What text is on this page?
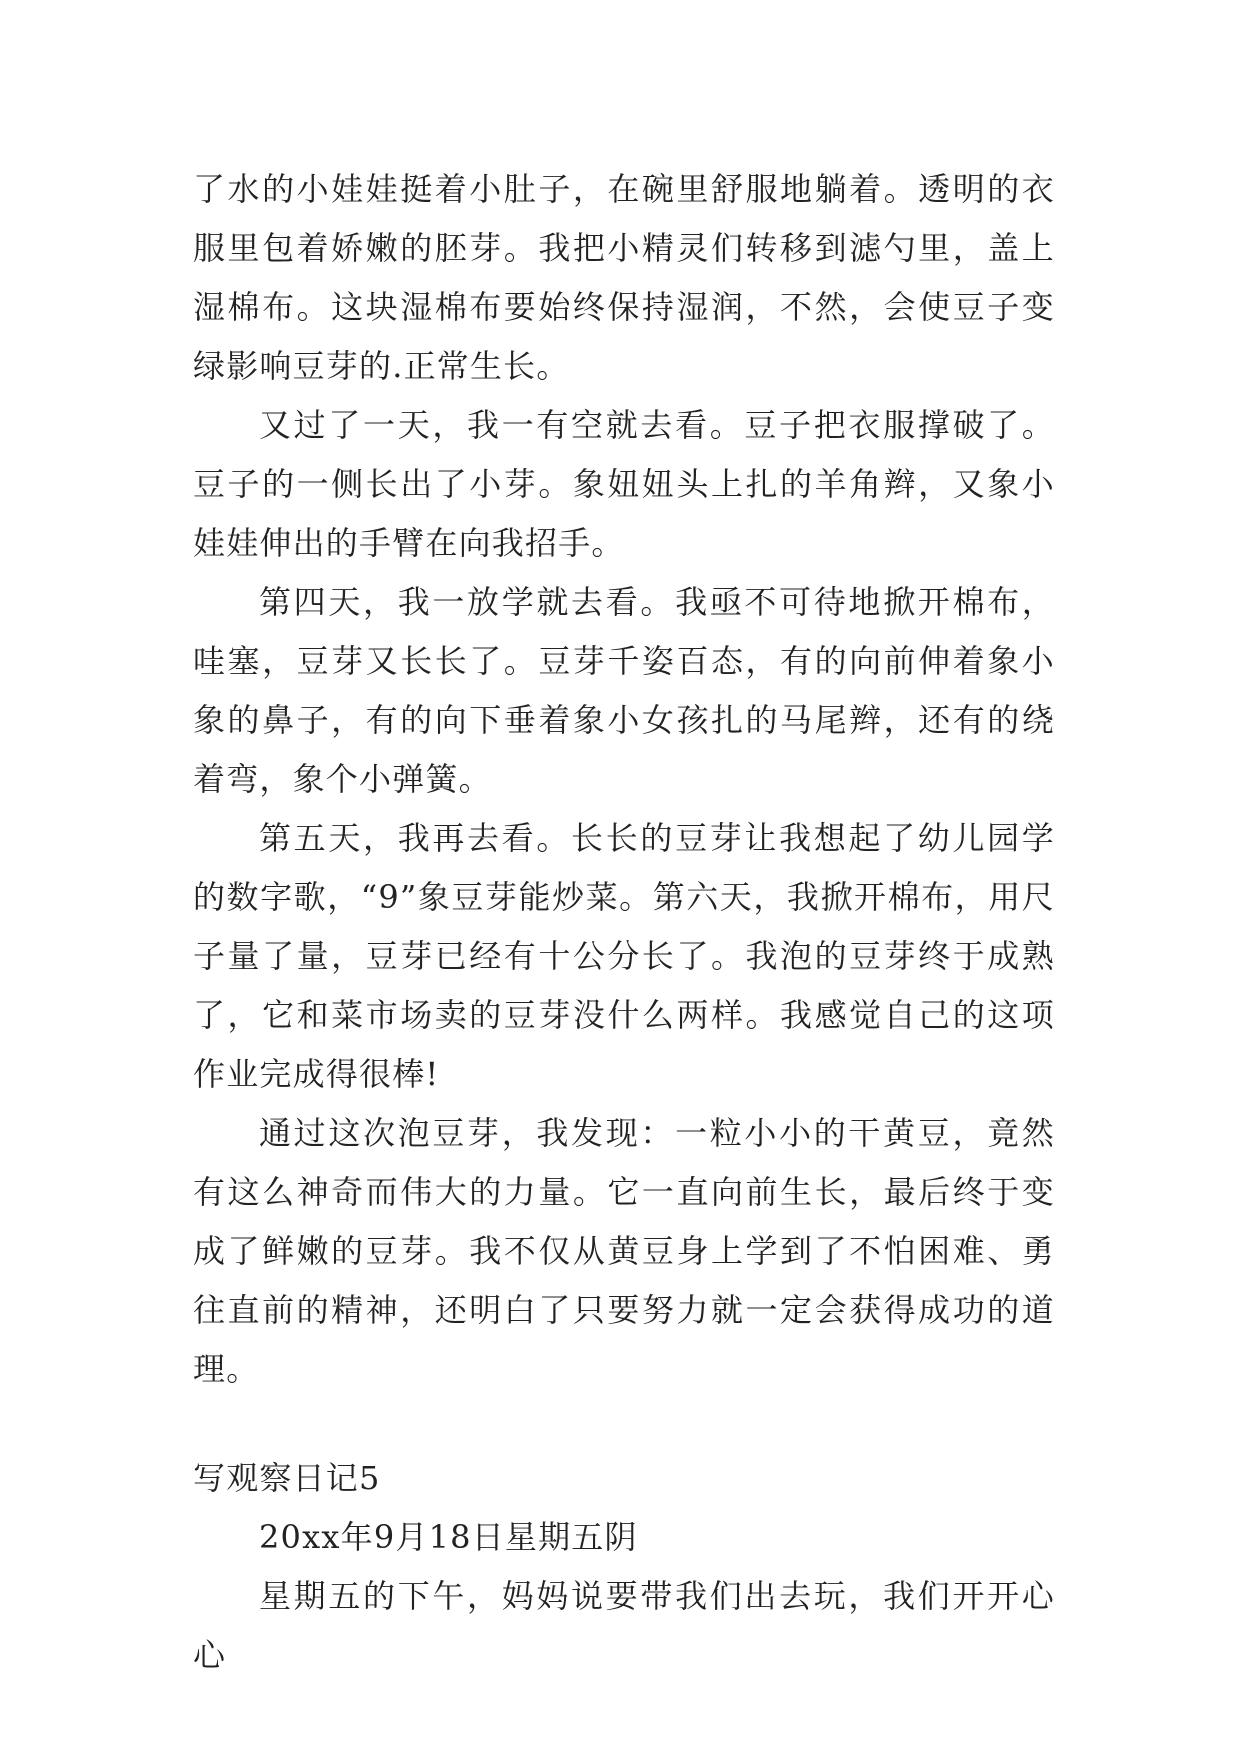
了水的小娃娃挺着小肚子，在碗里舒服地躺着。透明的衣服里包着娇嫩的胚芽。我把小精灵们转移到滤勺里，盖上湿棉布。这块湿棉布要始终保持湿润，不然，会使豆子变绿影响豆芽的.正常生长。

又过了一天，我一有空就去看。豆子把衣服撑破了。豆子的一侧长出了小芽。象妞妞头上扎的羊角辫，又象小娃娃伸出的手臂在向我招手。

第四天，我一放学就去看。我亟不可待地掀开棉布，哇塞，豆芽又长长了。豆芽千姿百态，有的向前伸着象小象的鼻子，有的向下垂着象小女孩扎的马尾辫，还有的绕着弯，象个小弹簧。

第五天，我再去看。长长的豆芽让我想起了幼儿园学的数字歌，“9”象豆芽能炒菜。第六天，我掀开棉布，用尺子量了量，豆芽已经有十公分长了。我泡的豆芽终于成熟了，它和菜市场卖的豆芽没什么两样。我感觉自己的这项作业完成得很棒!

通过这次泡豆芽，我发现：一粒小小的干黄豆，竟然有这么神奇而伟大的力量。它一直向前生长，最后终于变成了鲜嫩的豆芽。我不仅从黄豆身上学到了不怕困难、勇往直前的精神，还明白了只要努力就一定会获得成功的道理。

写观察日记5

20xx年9月18日星期五阴

星期五的下午，妈妈说要带我们出去玩，我们开开心心
